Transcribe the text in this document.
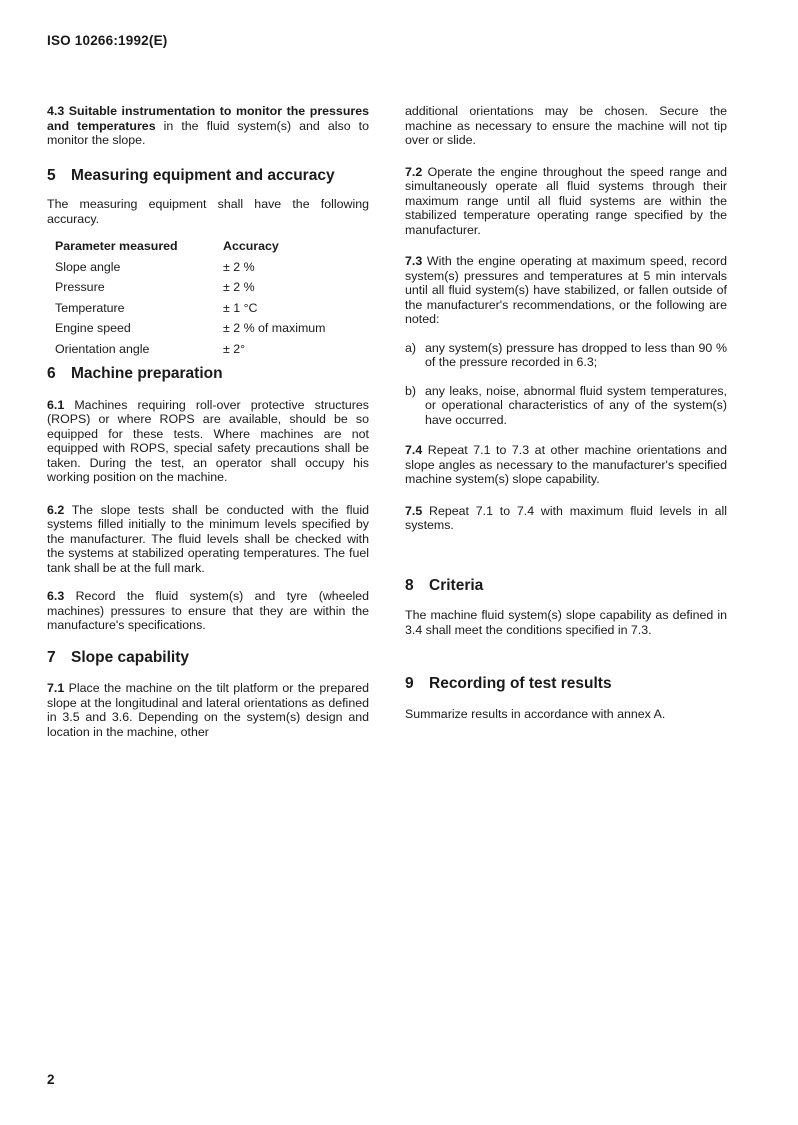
ISO 10266:1992(E)

4.3 Suitable instrumentation to monitor the pressures and temperatures in the fluid system(s) and also to monitor the slope.

5 Measuring equipment and accuracy

The measuring equipment shall have the following accuracy.

Parameter measured	Accuracy
Slope angle	± 2 %
Pressure	± 2 %
Temperature	± 1 °C
Engine speed	± 2 % of maximum
Orientation angle	± 2°
6 Machine preparation

6.1 Machines requiring roll-over protective structures (ROPS) or where ROPS are available, should be so equipped for these tests. Where machines are not equipped with ROPS, special safety precautions shall be taken. During the test, an operator shall occupy his working position on the machine.

6.2 The slope tests shall be conducted with the fluid systems filled initially to the minimum levels specified by the manufacturer. The fluid levels shall be checked with the systems at stabilized operating temperatures. The fuel tank shall be at the full mark.

6.3 Record the fluid system(s) and tyre (wheeled machines) pressures to ensure that they are within the manufacture's specifications.

7 Slope capability

7.1 Place the machine on the tilt platform or the prepared slope at the longitudinal and lateral orientations as defined in 3.5 and 3.6. Depending on the system(s) design and location in the machine, other

additional orientations may be chosen. Secure the machine as necessary to ensure the machine will not tip over or slide.

7.2 Operate the engine throughout the speed range and simultaneously operate all fluid systems through their maximum range until all fluid systems are within the stabilized temperature operating range specified by the manufacturer.

7.3 With the engine operating at maximum speed, record system(s) pressures and temperatures at 5 min intervals until all fluid system(s) have stabilized, or fallen outside of the manufacturer's recommendations, or the following are noted:

a) any system(s) pressure has dropped to less than 90 % of the pressure recorded in 6.3;
b) any leaks, noise, abnormal fluid system temperatures, or operational characteristics of any of the system(s) have occurred.

7.4 Repeat 7.1 to 7.3 at other machine orientations and slope angles as necessary to the manufacturer's specified machine system(s) slope capability.

7.5 Repeat 7.1 to 7.4 with maximum fluid levels in all systems.

8 Criteria

The machine fluid system(s) slope capability as defined in 3.4 shall meet the conditions specified in 7.3.

9 Recording of test results

Summarize results in accordance with annex A.

2
